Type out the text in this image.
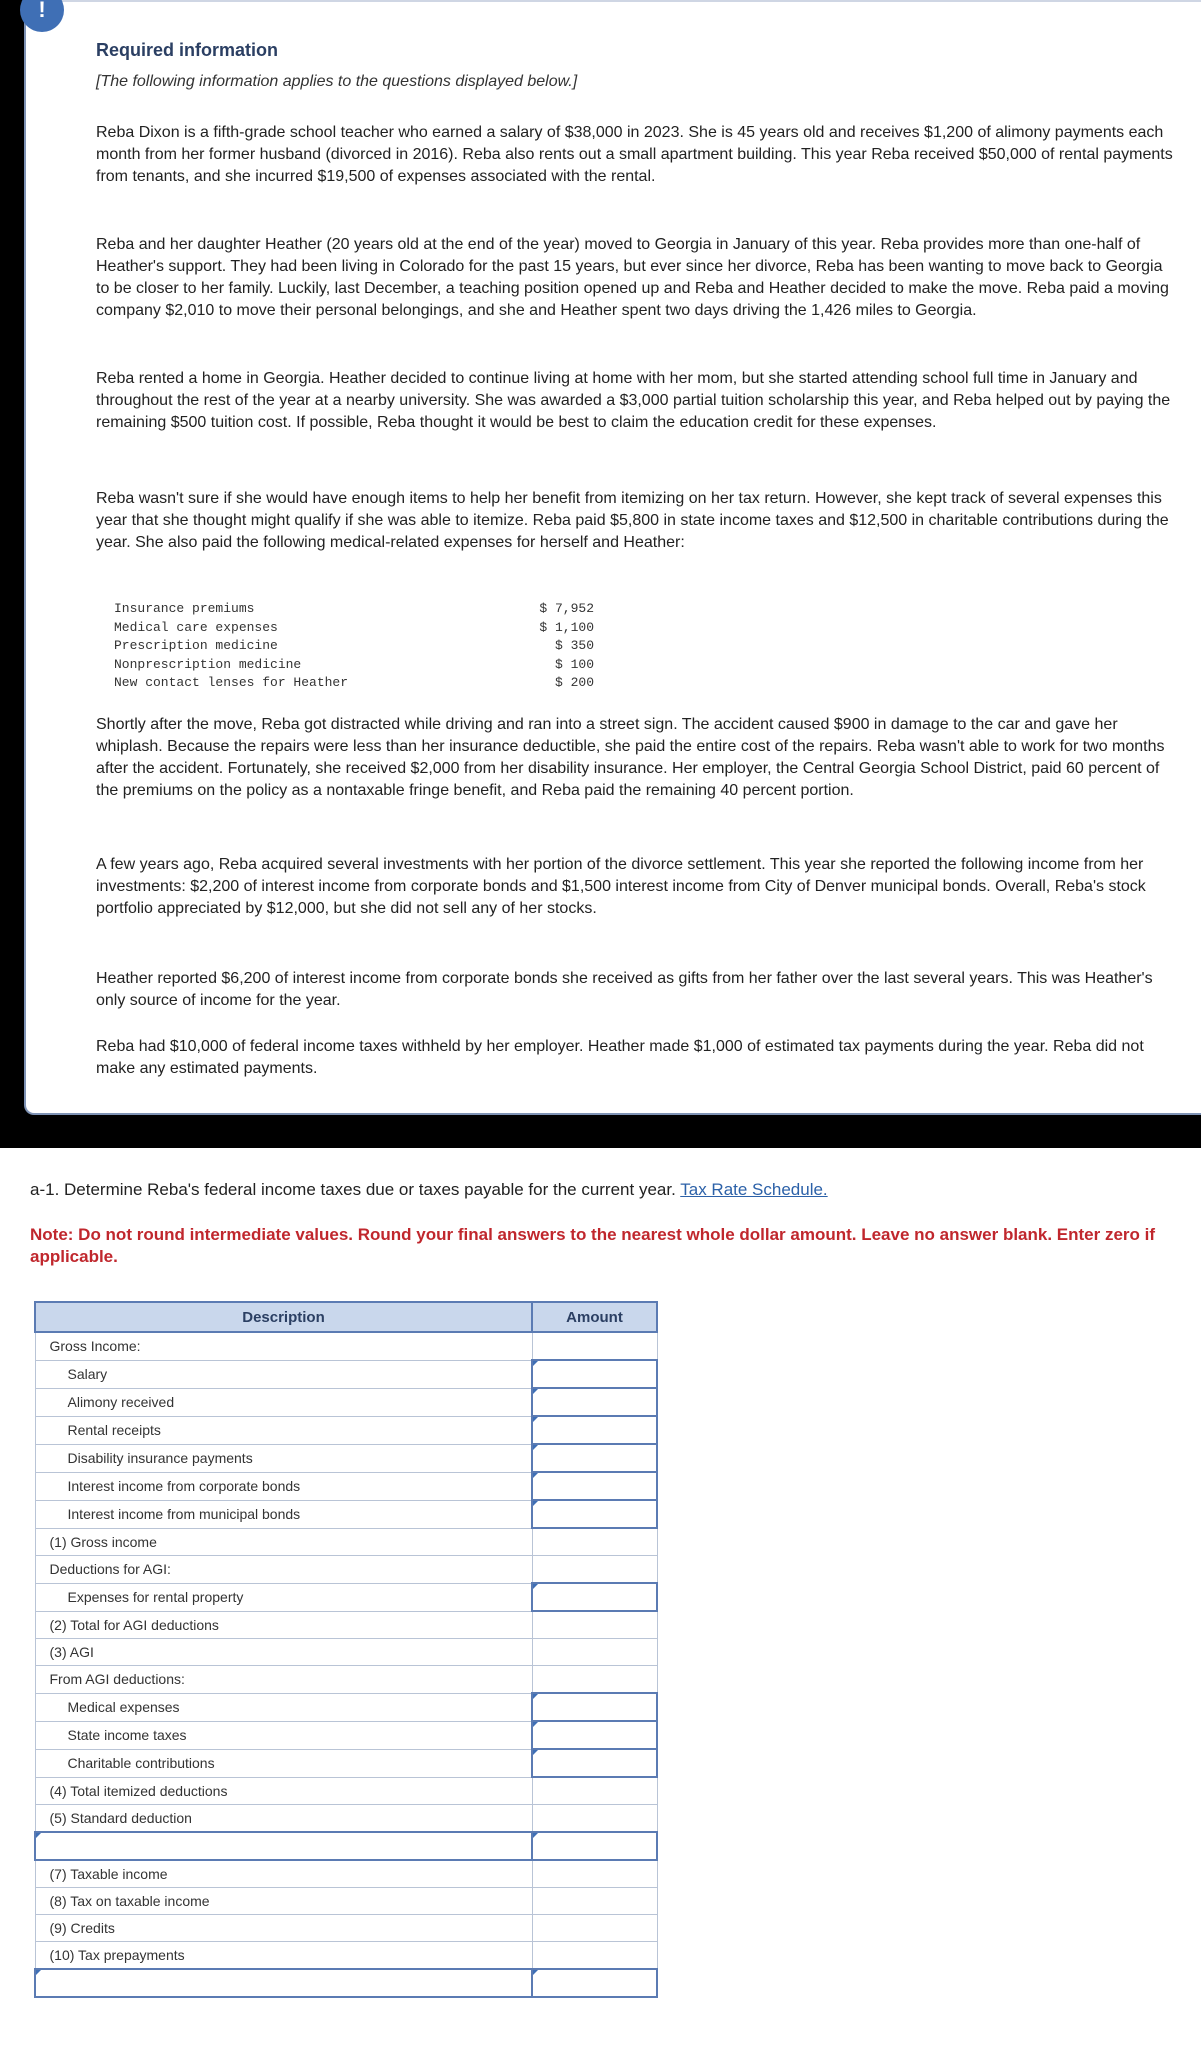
!
Required information
[The following information applies to the questions displayed below.]
Reba Dixon is a fifth-grade school teacher who earned a salary of $38,000 in 2023. She is 45 years old and receives $1,200 of alimony payments each month from her former husband (divorced in 2016). Reba also rents out a small apartment building. This year Reba received $50,000 of rental payments from tenants, and she incurred $19,500 of expenses associated with the rental.
Reba and her daughter Heather (20 years old at the end of the year) moved to Georgia in January of this year. Reba provides more than one-half of Heather's support. They had been living in Colorado for the past 15 years, but ever since her divorce, Reba has been wanting to move back to Georgia to be closer to her family. Luckily, last December, a teaching position opened up and Reba and Heather decided to make the move. Reba paid a moving company $2,010 to move their personal belongings, and she and Heather spent two days driving the 1,426 miles to Georgia.
Reba rented a home in Georgia. Heather decided to continue living at home with her mom, but she started attending school full time in January and throughout the rest of the year at a nearby university. She was awarded a $3,000 partial tuition scholarship this year, and Reba helped out by paying the remaining $500 tuition cost. If possible, Reba thought it would be best to claim the education credit for these expenses.
Reba wasn't sure if she would have enough items to help her benefit from itemizing on her tax return. However, she kept track of several expenses this year that she thought might qualify if she was able to itemize. Reba paid $5,800 in state income taxes and $12,500 in charitable contributions during the year. She also paid the following medical-related expenses for herself and Heather:
Insurance premiums	$ 7,952
Medical care expenses	$ 1,100
Prescription medicine	$ 350
Nonprescription medicine	$ 100
New contact lenses for Heather	$ 200
Shortly after the move, Reba got distracted while driving and ran into a street sign. The accident caused $900 in damage to the car and gave her whiplash. Because the repairs were less than her insurance deductible, she paid the entire cost of the repairs. Reba wasn't able to work for two months after the accident. Fortunately, she received $2,000 from her disability insurance. Her employer, the Central Georgia School District, paid 60 percent of the premiums on the policy as a nontaxable fringe benefit, and Reba paid the remaining 40 percent portion.
A few years ago, Reba acquired several investments with her portion of the divorce settlement. This year she reported the following income from her investments: $2,200 of interest income from corporate bonds and $1,500 interest income from City of Denver municipal bonds. Overall, Reba's stock portfolio appreciated by $12,000, but she did not sell any of her stocks.
Heather reported $6,200 of interest income from corporate bonds she received as gifts from her father over the last several years. This was Heather's only source of income for the year.
Reba had $10,000 of federal income taxes withheld by her employer. Heather made $1,000 of estimated tax payments during the year. Reba did not make any estimated payments.
a-1. Determine Reba's federal income taxes due or taxes payable for the current year. Tax Rate Schedule.
Note: Do not round intermediate values. Round your final answers to the nearest whole dollar amount. Leave no answer blank. Enter zero if applicable.
Description	Amount
Gross Income:	
Salary	
Alimony received	
Rental receipts	
Disability insurance payments	
Interest income from corporate bonds	
Interest income from municipal bonds	
(1) Gross income	
Deductions for AGI:	
Expenses for rental property	
(2) Total for AGI deductions	
(3) AGI	
From AGI deductions:	
Medical expenses	
State income taxes	
Charitable contributions	
(4) Total itemized deductions	
(5) Standard deduction	

(7) Taxable income	
(8) Tax on taxable income	
(9) Credits	
(10) Tax prepayments	
